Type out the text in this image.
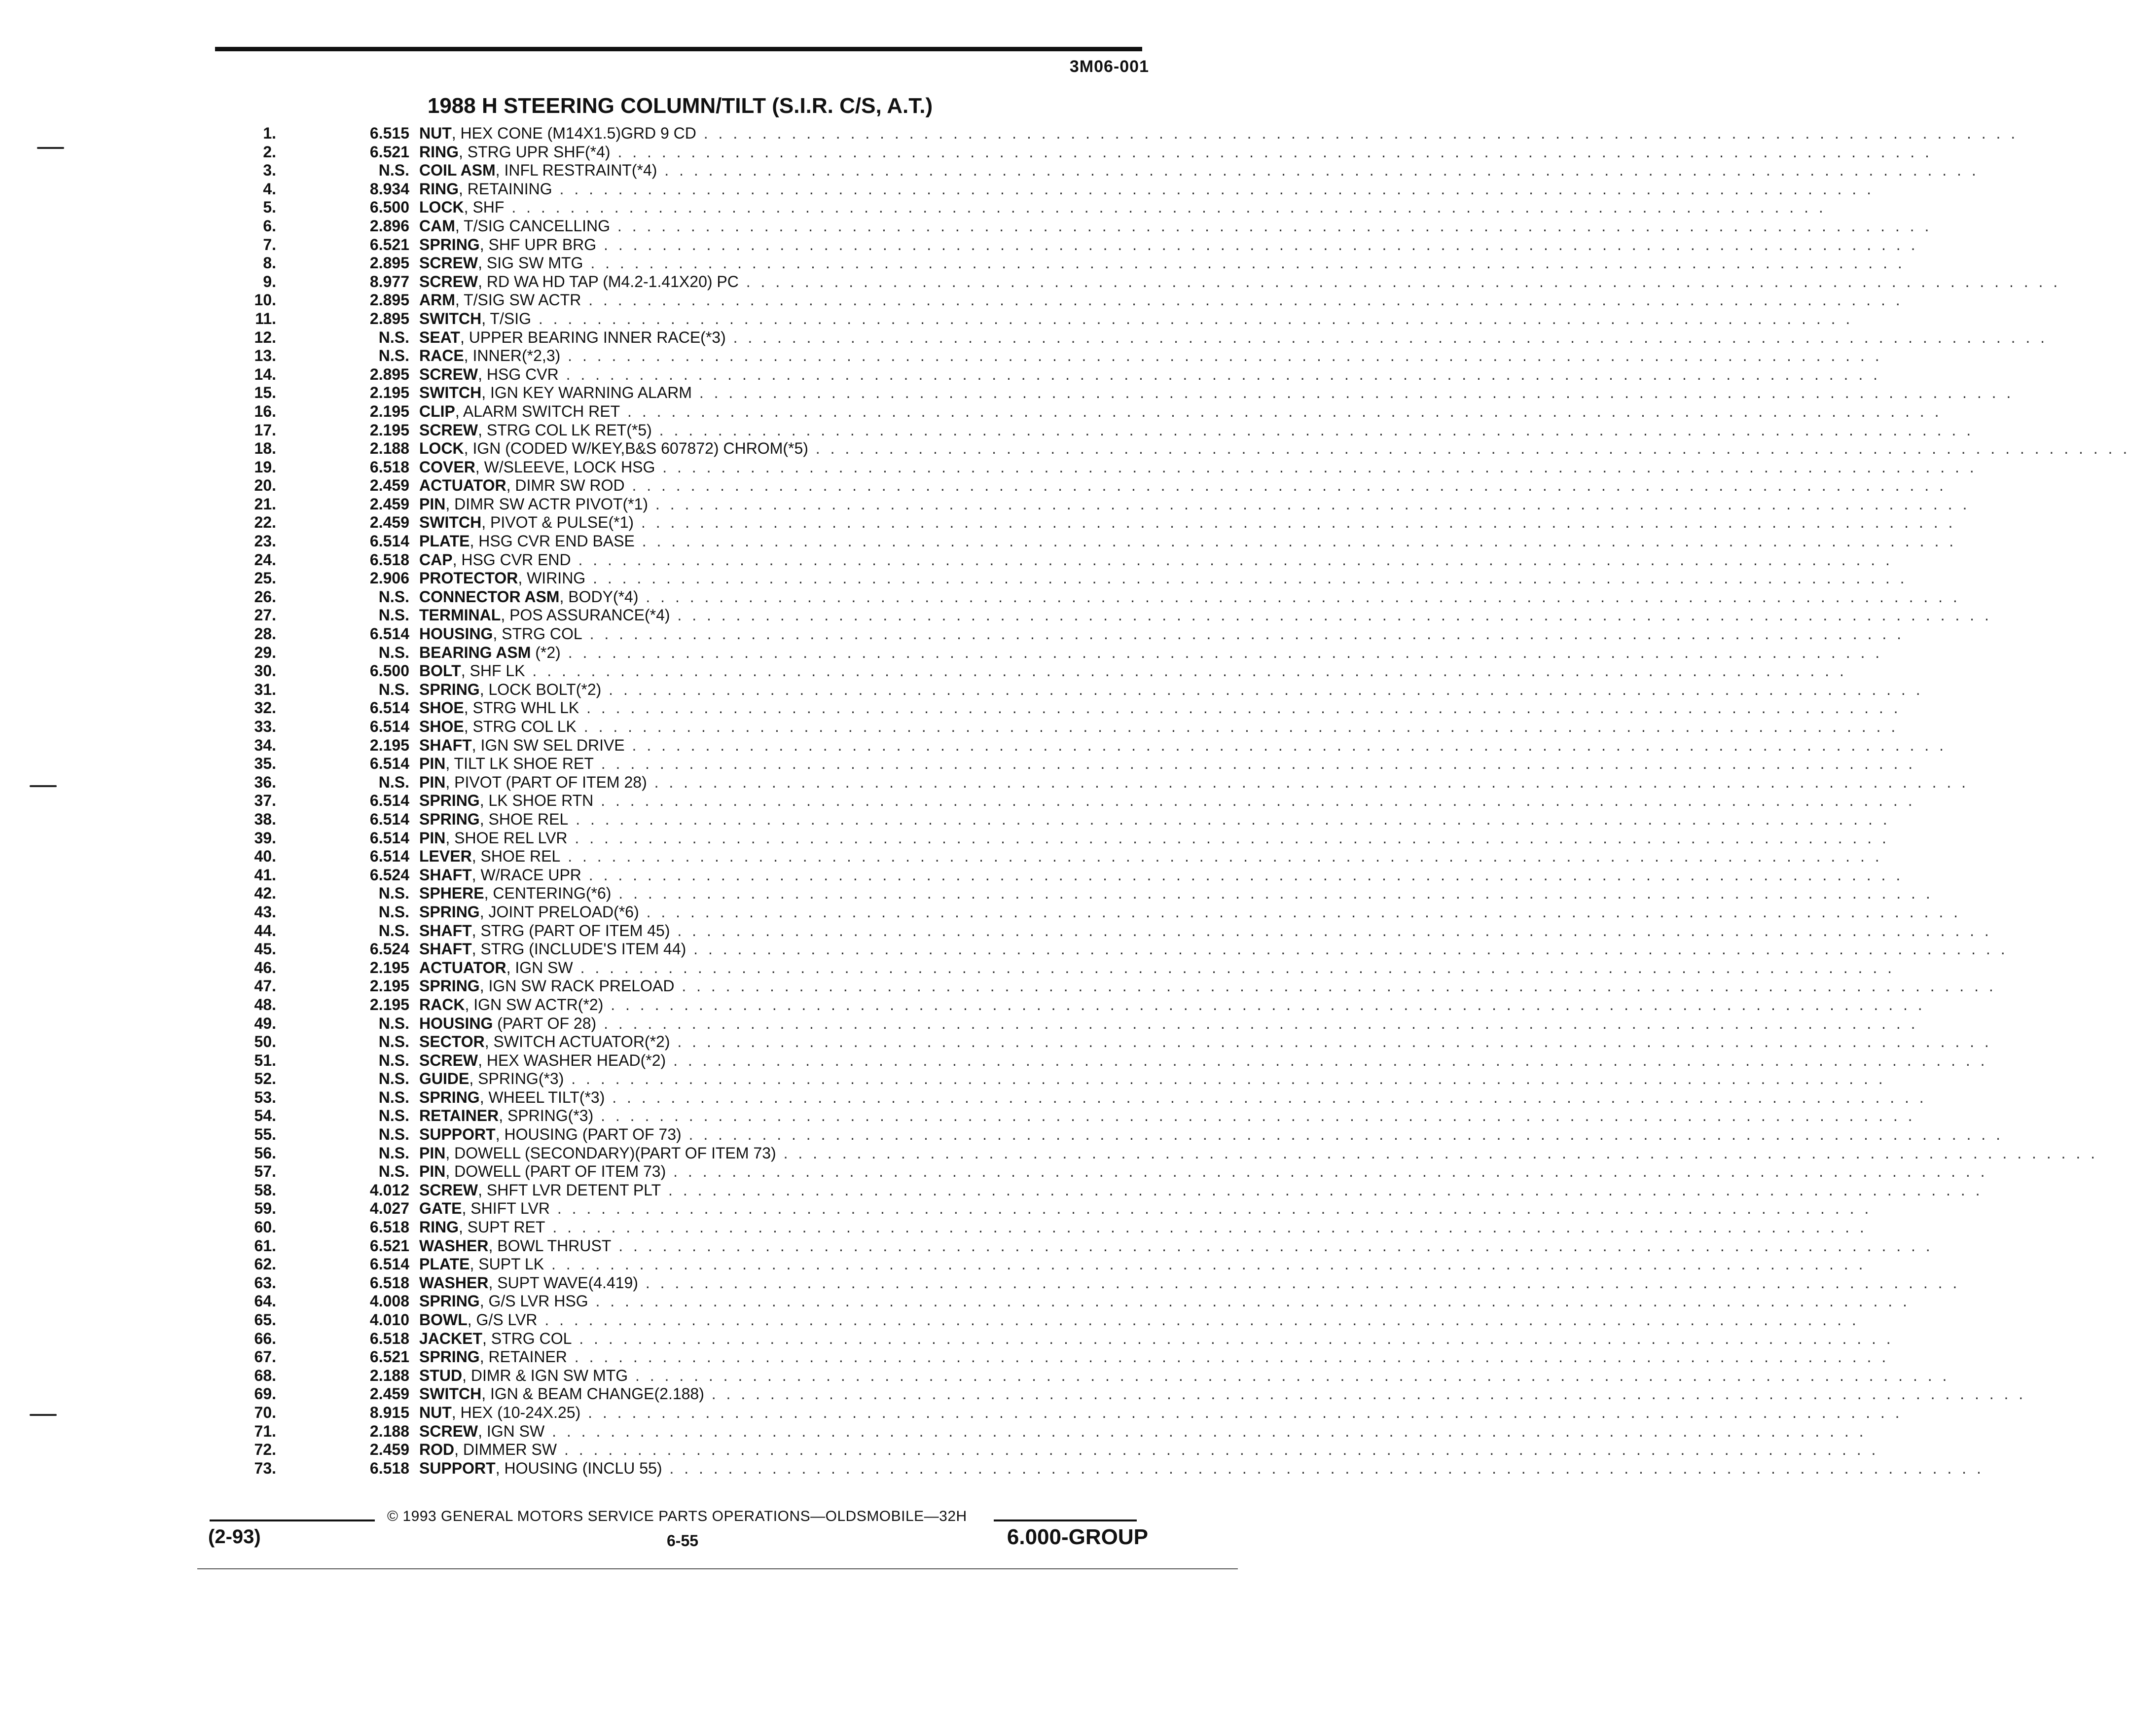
3M06-001
1988 H STEERING COLUMN/TILT (S.I.R. C/S, A.T.)
1.	6.515 NUT, HEX CONE (M14X1.5)GRD 9 CD . . . . . . . . . . . . . . . . . . . . . . . . . . . . . . . . . . . . . . . . . . . . . . . . . . . . . . . . . . . . . . . . . . . . . . . . . . . . . . . . . . . . . . . . . .
2.	6.521 RING, STRG UPR SHF(*4) . . . . . . . . . . . . . . . . . . . . . . . . . . . . . . . . . . . . . . . . . . . . . . . . . . . . . . . . . . . . . . . . . . . . . . . . . . . . . . . . . . . . . . . . . .
3.	N.S. COIL ASM, INFL RESTRAINT(*4) . . . . . . . . . . . . . . . . . . . . . . . . . . . . . . . . . . . . . . . . . . . . . . . . . . . . . . . . . . . . . . . . . . . . . . . . . . . . . . . . . . . . . . . . . .
4.	8.934 RING, RETAINING . . . . . . . . . . . . . . . . . . . . . . . . . . . . . . . . . . . . . . . . . . . . . . . . . . . . . . . . . . . . . . . . . . . . . . . . . . . . . . . . . . . . . . . . . .
5.	6.500 LOCK, SHF . . . . . . . . . . . . . . . . . . . . . . . . . . . . . . . . . . . . . . . . . . . . . . . . . . . . . . . . . . . . . . . . . . . . . . . . . . . . . . . . . . . . . . . . . .
6.	2.896 CAM, T/SIG CANCELLING . . . . . . . . . . . . . . . . . . . . . . . . . . . . . . . . . . . . . . . . . . . . . . . . . . . . . . . . . . . . . . . . . . . . . . . . . . . . . . . . . . . . . . . . . .
7.	6.521 SPRING, SHF UPR BRG . . . . . . . . . . . . . . . . . . . . . . . . . . . . . . . . . . . . . . . . . . . . . . . . . . . . . . . . . . . . . . . . . . . . . . . . . . . . . . . . . . . . . . . . . .
8.	2.895 SCREW, SIG SW MTG . . . . . . . . . . . . . . . . . . . . . . . . . . . . . . . . . . . . . . . . . . . . . . . . . . . . . . . . . . . . . . . . . . . . . . . . . . . . . . . . . . . . . . . . . .
9.	8.977 SCREW, RD WA HD TAP (M4.2-1.41X20) PC . . . . . . . . . . . . . . . . . . . . . . . . . . . . . . . . . . . . . . . . . . . . . . . . . . . . . . . . . . . . . . . . . . . . . . . . . . . . . . . . . . . . . . . . . .
10.	2.895 ARM, T/SIG SW ACTR . . . . . . . . . . . . . . . . . . . . . . . . . . . . . . . . . . . . . . . . . . . . . . . . . . . . . . . . . . . . . . . . . . . . . . . . . . . . . . . . . . . . . . . . . .
11.	2.895 SWITCH, T/SIG . . . . . . . . . . . . . . . . . . . . . . . . . . . . . . . . . . . . . . . . . . . . . . . . . . . . . . . . . . . . . . . . . . . . . . . . . . . . . . . . . . . . . . . . . .
12.	N.S. SEAT, UPPER BEARING INNER RACE(*3) . . . . . . . . . . . . . . . . . . . . . . . . . . . . . . . . . . . . . . . . . . . . . . . . . . . . . . . . . . . . . . . . . . . . . . . . . . . . . . . . . . . . . . . . . .
13.	N.S. RACE, INNER(*2,3) . . . . . . . . . . . . . . . . . . . . . . . . . . . . . . . . . . . . . . . . . . . . . . . . . . . . . . . . . . . . . . . . . . . . . . . . . . . . . . . . . . . . . . . . . .
14.	2.895 SCREW, HSG CVR . . . . . . . . . . . . . . . . . . . . . . . . . . . . . . . . . . . . . . . . . . . . . . . . . . . . . . . . . . . . . . . . . . . . . . . . . . . . . . . . . . . . . . . . . .
15.	2.195 SWITCH, IGN KEY WARNING ALARM . . . . . . . . . . . . . . . . . . . . . . . . . . . . . . . . . . . . . . . . . . . . . . . . . . . . . . . . . . . . . . . . . . . . . . . . . . . . . . . . . . . . . . . . . .
16.	2.195 CLIP, ALARM SWITCH RET . . . . . . . . . . . . . . . . . . . . . . . . . . . . . . . . . . . . . . . . . . . . . . . . . . . . . . . . . . . . . . . . . . . . . . . . . . . . . . . . . . . . . . . . . .
17.	2.195 SCREW, STRG COL LK RET(*5) . . . . . . . . . . . . . . . . . . . . . . . . . . . . . . . . . . . . . . . . . . . . . . . . . . . . . . . . . . . . . . . . . . . . . . . . . . . . . . . . . . . . . . . . . .
18.	2.188 LOCK, IGN (CODED W/KEY,B&S 607872) CHROM(*5) . . . . . . . . . . . . . . . . . . . . . . . . . . . . . . . . . . . . . . . . . . . . . . . . . . . . . . . . . . . . . . . . . . . . . . . . . . . . . . . . . . . . . . . . . .
19.	6.518 COVER, W/SLEEVE, LOCK HSG . . . . . . . . . . . . . . . . . . . . . . . . . . . . . . . . . . . . . . . . . . . . . . . . . . . . . . . . . . . . . . . . . . . . . . . . . . . . . . . . . . . . . . . . . .
20.	2.459 ACTUATOR, DIMR SW ROD . . . . . . . . . . . . . . . . . . . . . . . . . . . . . . . . . . . . . . . . . . . . . . . . . . . . . . . . . . . . . . . . . . . . . . . . . . . . . . . . . . . . . . . . . .
21.	2.459 PIN, DIMR SW ACTR PIVOT(*1) . . . . . . . . . . . . . . . . . . . . . . . . . . . . . . . . . . . . . . . . . . . . . . . . . . . . . . . . . . . . . . . . . . . . . . . . . . . . . . . . . . . . . . . . . .
22.	2.459 SWITCH, PIVOT & PULSE(*1) . . . . . . . . . . . . . . . . . . . . . . . . . . . . . . . . . . . . . . . . . . . . . . . . . . . . . . . . . . . . . . . . . . . . . . . . . . . . . . . . . . . . . . . . . .
23.	6.514 PLATE, HSG CVR END BASE . . . . . . . . . . . . . . . . . . . . . . . . . . . . . . . . . . . . . . . . . . . . . . . . . . . . . . . . . . . . . . . . . . . . . . . . . . . . . . . . . . . . . . . . . .
24.	6.518 CAP, HSG CVR END . . . . . . . . . . . . . . . . . . . . . . . . . . . . . . . . . . . . . . . . . . . . . . . . . . . . . . . . . . . . . . . . . . . . . . . . . . . . . . . . . . . . . . . . . .
25.	2.906 PROTECTOR, WIRING . . . . . . . . . . . . . . . . . . . . . . . . . . . . . . . . . . . . . . . . . . . . . . . . . . . . . . . . . . . . . . . . . . . . . . . . . . . . . . . . . . . . . . . . . .
26.	N.S. CONNECTOR ASM, BODY(*4) . . . . . . . . . . . . . . . . . . . . . . . . . . . . . . . . . . . . . . . . . . . . . . . . . . . . . . . . . . . . . . . . . . . . . . . . . . . . . . . . . . . . . . . . . .
27.	N.S. TERMINAL, POS ASSURANCE(*4) . . . . . . . . . . . . . . . . . . . . . . . . . . . . . . . . . . . . . . . . . . . . . . . . . . . . . . . . . . . . . . . . . . . . . . . . . . . . . . . . . . . . . . . . . .
28.	6.514 HOUSING, STRG COL . . . . . . . . . . . . . . . . . . . . . . . . . . . . . . . . . . . . . . . . . . . . . . . . . . . . . . . . . . . . . . . . . . . . . . . . . . . . . . . . . . . . . . . . . .
29.	N.S. BEARING ASM (*2) . . . . . . . . . . . . . . . . . . . . . . . . . . . . . . . . . . . . . . . . . . . . . . . . . . . . . . . . . . . . . . . . . . . . . . . . . . . . . . . . . . . . . . . . . .
30.	6.500 BOLT, SHF LK . . . . . . . . . . . . . . . . . . . . . . . . . . . . . . . . . . . . . . . . . . . . . . . . . . . . . . . . . . . . . . . . . . . . . . . . . . . . . . . . . . . . . . . . . .
31.	N.S. SPRING, LOCK BOLT(*2) . . . . . . . . . . . . . . . . . . . . . . . . . . . . . . . . . . . . . . . . . . . . . . . . . . . . . . . . . . . . . . . . . . . . . . . . . . . . . . . . . . . . . . . . . .
32.	6.514 SHOE, STRG WHL LK . . . . . . . . . . . . . . . . . . . . . . . . . . . . . . . . . . . . . . . . . . . . . . . . . . . . . . . . . . . . . . . . . . . . . . . . . . . . . . . . . . . . . . . . . .
33.	6.514 SHOE, STRG COL LK . . . . . . . . . . . . . . . . . . . . . . . . . . . . . . . . . . . . . . . . . . . . . . . . . . . . . . . . . . . . . . . . . . . . . . . . . . . . . . . . . . . . . . . . . .
34.	2.195 SHAFT, IGN SW SEL DRIVE . . . . . . . . . . . . . . . . . . . . . . . . . . . . . . . . . . . . . . . . . . . . . . . . . . . . . . . . . . . . . . . . . . . . . . . . . . . . . . . . . . . . . . . . . .
35.	6.514 PIN, TILT LK SHOE RET . . . . . . . . . . . . . . . . . . . . . . . . . . . . . . . . . . . . . . . . . . . . . . . . . . . . . . . . . . . . . . . . . . . . . . . . . . . . . . . . . . . . . . . . . .
36.	N.S. PIN, PIVOT (PART OF ITEM 28) . . . . . . . . . . . . . . . . . . . . . . . . . . . . . . . . . . . . . . . . . . . . . . . . . . . . . . . . . . . . . . . . . . . . . . . . . . . . . . . . . . . . . . . . . .
37.	6.514 SPRING, LK SHOE RTN . . . . . . . . . . . . . . . . . . . . . . . . . . . . . . . . . . . . . . . . . . . . . . . . . . . . . . . . . . . . . . . . . . . . . . . . . . . . . . . . . . . . . . . . . .
38.	6.514 SPRING, SHOE REL . . . . . . . . . . . . . . . . . . . . . . . . . . . . . . . . . . . . . . . . . . . . . . . . . . . . . . . . . . . . . . . . . . . . . . . . . . . . . . . . . . . . . . . . . .
39.	6.514 PIN, SHOE REL LVR . . . . . . . . . . . . . . . . . . . . . . . . . . . . . . . . . . . . . . . . . . . . . . . . . . . . . . . . . . . . . . . . . . . . . . . . . . . . . . . . . . . . . . . . . .
40.	6.514 LEVER, SHOE REL . . . . . . . . . . . . . . . . . . . . . . . . . . . . . . . . . . . . . . . . . . . . . . . . . . . . . . . . . . . . . . . . . . . . . . . . . . . . . . . . . . . . . . . . . .
41.	6.524 SHAFT, W/RACE UPR . . . . . . . . . . . . . . . . . . . . . . . . . . . . . . . . . . . . . . . . . . . . . . . . . . . . . . . . . . . . . . . . . . . . . . . . . . . . . . . . . . . . . . . . . .
42.	N.S. SPHERE, CENTERING(*6) . . . . . . . . . . . . . . . . . . . . . . . . . . . . . . . . . . . . . . . . . . . . . . . . . . . . . . . . . . . . . . . . . . . . . . . . . . . . . . . . . . . . . . . . . .
43.	N.S. SPRING, JOINT PRELOAD(*6) . . . . . . . . . . . . . . . . . . . . . . . . . . . . . . . . . . . . . . . . . . . . . . . . . . . . . . . . . . . . . . . . . . . . . . . . . . . . . . . . . . . . . . . . . .
44.	N.S. SHAFT, STRG (PART OF ITEM 45) . . . . . . . . . . . . . . . . . . . . . . . . . . . . . . . . . . . . . . . . . . . . . . . . . . . . . . . . . . . . . . . . . . . . . . . . . . . . . . . . . . . . . . . . . .
45.	6.524 SHAFT, STRG (INCLUDE'S ITEM 44) . . . . . . . . . . . . . . . . . . . . . . . . . . . . . . . . . . . . . . . . . . . . . . . . . . . . . . . . . . . . . . . . . . . . . . . . . . . . . . . . . . . . . . . . . .
46.	2.195 ACTUATOR, IGN SW . . . . . . . . . . . . . . . . . . . . . . . . . . . . . . . . . . . . . . . . . . . . . . . . . . . . . . . . . . . . . . . . . . . . . . . . . . . . . . . . . . . . . . . . . .
47.	2.195 SPRING, IGN SW RACK PRELOAD . . . . . . . . . . . . . . . . . . . . . . . . . . . . . . . . . . . . . . . . . . . . . . . . . . . . . . . . . . . . . . . . . . . . . . . . . . . . . . . . . . . . . . . . . .
48.	2.195 RACK, IGN SW ACTR(*2) . . . . . . . . . . . . . . . . . . . . . . . . . . . . . . . . . . . . . . . . . . . . . . . . . . . . . . . . . . . . . . . . . . . . . . . . . . . . . . . . . . . . . . . . . .
49.	N.S. HOUSING (PART OF 28) . . . . . . . . . . . . . . . . . . . . . . . . . . . . . . . . . . . . . . . . . . . . . . . . . . . . . . . . . . . . . . . . . . . . . . . . . . . . . . . . . . . . . . . . . .
50.	N.S. SECTOR, SWITCH ACTUATOR(*2) . . . . . . . . . . . . . . . . . . . . . . . . . . . . . . . . . . . . . . . . . . . . . . . . . . . . . . . . . . . . . . . . . . . . . . . . . . . . . . . . . . . . . . . . . .
51.	N.S. SCREW, HEX WASHER HEAD(*2) . . . . . . . . . . . . . . . . . . . . . . . . . . . . . . . . . . . . . . . . . . . . . . . . . . . . . . . . . . . . . . . . . . . . . . . . . . . . . . . . . . . . . . . . . .
52.	N.S. GUIDE, SPRING(*3) . . . . . . . . . . . . . . . . . . . . . . . . . . . . . . . . . . . . . . . . . . . . . . . . . . . . . . . . . . . . . . . . . . . . . . . . . . . . . . . . . . . . . . . . . .
53.	N.S. SPRING, WHEEL TILT(*3) . . . . . . . . . . . . . . . . . . . . . . . . . . . . . . . . . . . . . . . . . . . . . . . . . . . . . . . . . . . . . . . . . . . . . . . . . . . . . . . . . . . . . . . . . .
54.	N.S. RETAINER, SPRING(*3) . . . . . . . . . . . . . . . . . . . . . . . . . . . . . . . . . . . . . . . . . . . . . . . . . . . . . . . . . . . . . . . . . . . . . . . . . . . . . . . . . . . . . . . . . .
55.	N.S. SUPPORT, HOUSING (PART OF 73) . . . . . . . . . . . . . . . . . . . . . . . . . . . . . . . . . . . . . . . . . . . . . . . . . . . . . . . . . . . . . . . . . . . . . . . . . . . . . . . . . . . . . . . . . .
56.	N.S. PIN, DOWELL (SECONDARY)(PART OF ITEM 73) . . . . . . . . . . . . . . . . . . . . . . . . . . . . . . . . . . . . . . . . . . . . . . . . . . . . . . . . . . . . . . . . . . . . . . . . . . . . . . . . . . . . . . . . . .
57.	N.S. PIN, DOWELL (PART OF ITEM 73) . . . . . . . . . . . . . . . . . . . . . . . . . . . . . . . . . . . . . . . . . . . . . . . . . . . . . . . . . . . . . . . . . . . . . . . . . . . . . . . . . . . . . . . . . .
58.	4.012 SCREW, SHFT LVR DETENT PLT . . . . . . . . . . . . . . . . . . . . . . . . . . . . . . . . . . . . . . . . . . . . . . . . . . . . . . . . . . . . . . . . . . . . . . . . . . . . . . . . . . . . . . . . . .
59.	4.027 GATE, SHIFT LVR . . . . . . . . . . . . . . . . . . . . . . . . . . . . . . . . . . . . . . . . . . . . . . . . . . . . . . . . . . . . . . . . . . . . . . . . . . . . . . . . . . . . . . . . . .
60.	6.518 RING, SUPT RET . . . . . . . . . . . . . . . . . . . . . . . . . . . . . . . . . . . . . . . . . . . . . . . . . . . . . . . . . . . . . . . . . . . . . . . . . . . . . . . . . . . . . . . . . .
61.	6.521 WASHER, BOWL THRUST . . . . . . . . . . . . . . . . . . . . . . . . . . . . . . . . . . . . . . . . . . . . . . . . . . . . . . . . . . . . . . . . . . . . . . . . . . . . . . . . . . . . . . . . . .
62.	6.514 PLATE, SUPT LK . . . . . . . . . . . . . . . . . . . . . . . . . . . . . . . . . . . . . . . . . . . . . . . . . . . . . . . . . . . . . . . . . . . . . . . . . . . . . . . . . . . . . . . . . .
63.	6.518 WASHER, SUPT WAVE(4.419) . . . . . . . . . . . . . . . . . . . . . . . . . . . . . . . . . . . . . . . . . . . . . . . . . . . . . . . . . . . . . . . . . . . . . . . . . . . . . . . . . . . . . . . . . .
64.	4.008 SPRING, G/S LVR HSG . . . . . . . . . . . . . . . . . . . . . . . . . . . . . . . . . . . . . . . . . . . . . . . . . . . . . . . . . . . . . . . . . . . . . . . . . . . . . . . . . . . . . . . . . .
65.	4.010 BOWL, G/S LVR . . . . . . . . . . . . . . . . . . . . . . . . . . . . . . . . . . . . . . . . . . . . . . . . . . . . . . . . . . . . . . . . . . . . . . . . . . . . . . . . . . . . . . . . . .
66.	6.518 JACKET, STRG COL . . . . . . . . . . . . . . . . . . . . . . . . . . . . . . . . . . . . . . . . . . . . . . . . . . . . . . . . . . . . . . . . . . . . . . . . . . . . . . . . . . . . . . . . . .
67.	6.521 SPRING, RETAINER . . . . . . . . . . . . . . . . . . . . . . . . . . . . . . . . . . . . . . . . . . . . . . . . . . . . . . . . . . . . . . . . . . . . . . . . . . . . . . . . . . . . . . . . . .
68.	2.188 STUD, DIMR & IGN SW MTG . . . . . . . . . . . . . . . . . . . . . . . . . . . . . . . . . . . . . . . . . . . . . . . . . . . . . . . . . . . . . . . . . . . . . . . . . . . . . . . . . . . . . . . . . .
69.	2.459 SWITCH, IGN & BEAM CHANGE(2.188) . . . . . . . . . . . . . . . . . . . . . . . . . . . . . . . . . . . . . . . . . . . . . . . . . . . . . . . . . . . . . . . . . . . . . . . . . . . . . . . . . . . . . . . . . .
70.	8.915 NUT, HEX (10-24X.25) . . . . . . . . . . . . . . . . . . . . . . . . . . . . . . . . . . . . . . . . . . . . . . . . . . . . . . . . . . . . . . . . . . . . . . . . . . . . . . . . . . . . . . . . . .
71.	2.188 SCREW, IGN SW . . . . . . . . . . . . . . . . . . . . . . . . . . . . . . . . . . . . . . . . . . . . . . . . . . . . . . . . . . . . . . . . . . . . . . . . . . . . . . . . . . . . . . . . . .
72.	2.459 ROD, DIMMER SW . . . . . . . . . . . . . . . . . . . . . . . . . . . . . . . . . . . . . . . . . . . . . . . . . . . . . . . . . . . . . . . . . . . . . . . . . . . . . . . . . . . . . . . . . .
73.	6.518 SUPPORT, HOUSING (INCLU 55) . . . . . . . . . . . . . . . . . . . . . . . . . . . . . . . . . . . . . . . . . . . . . . . . . . . . . . . . . . . . . . . . . . . . . . . . . . . . . . . . . . . . . . . . . .
© 1993 GENERAL MOTORS SERVICE PARTS OPERATIONS—OLDSMOBILE—32H
(2-93)	6-55	6.000-GROUP
